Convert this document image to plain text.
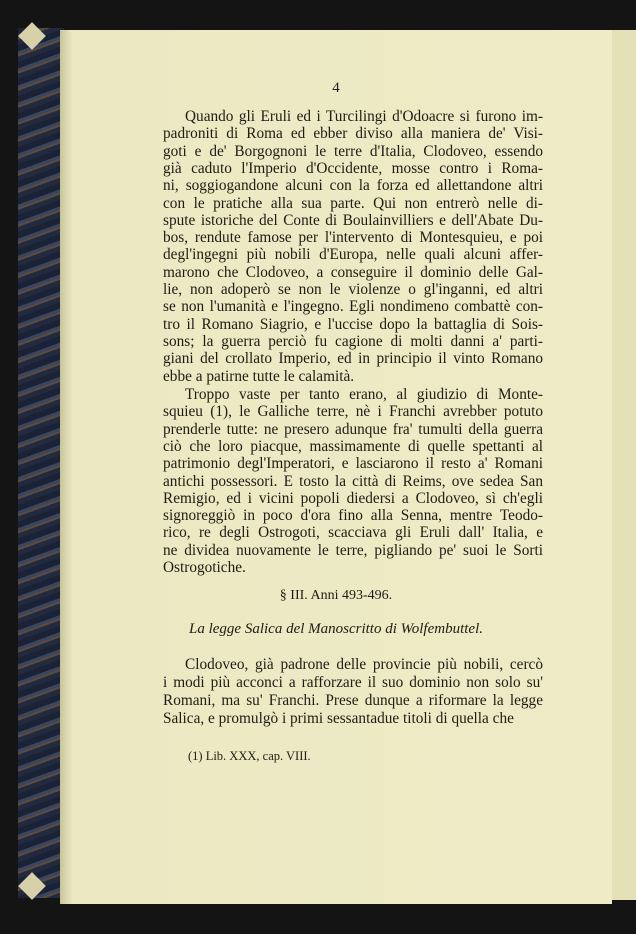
4
Quando gli Eruli ed i Turcilingi d'Odoacre si furono im-
padroniti di Roma ed ebber diviso alla maniera de' Visi-
goti e de' Borgognoni le terre d'Italia, Clodoveo, essendo
già caduto l'Imperio d'Occidente, mosse contro i Roma-
ni, soggiogandone alcuni con la forza ed allettandone altri
con le pratiche alla sua parte. Qui non entrerò nelle di-
spute istoriche del Conte di Boulainvilliers e dell'Abate Du-
bos, rendute famose per l'intervento di Montesquieu, e poi
degl'ingegni più nobili d'Europa, nelle quali alcuni affer-
marono che Clodoveo, a conseguire il dominio delle Gal-
lie, non adoperò se non le violenze o gl'inganni, ed altri
se non l'umanità e l'ingegno. Egli nondimeno combattè con-
tro il Romano Siagrio, e l'uccise dopo la battaglia di Sois-
sons; la guerra perciò fu cagione di molti danni a' parti-
giani del crollato Imperio, ed in principio il vinto Romano
ebbe a patirne tutte le calamità.
Troppo vaste per tanto erano, al giudizio di Monte-
squieu (1), le Galliche terre, nè i Franchi avrebber potuto
prenderle tutte: ne presero adunque fra' tumulti della guerra
ciò che loro piacque, massimamente di quelle spettanti al
patrimonio degl'Imperatori, e lasciarono il resto a' Romani
antichi possessori. E tosto la città di Reims, ove sedea San
Remigio, ed i vicini popoli diedersi a Clodoveo, sì ch'egli
signoreggiò in poco d'ora fino alla Senna, mentre Teodo-
rico, re degli Ostrogoti, scacciava gli Eruli dall' Italia, e
ne dividea nuovamente le terre, pigliando pe' suoi le Sorti
Ostrogotiche.
Clodoveo, già padrone delle provincie più nobili, cercò
i modi più acconci a rafforzare il suo dominio non solo su'
Romani, ma su' Franchi. Prese dunque a riformare la legge
Salica, e promulgò i primi sessantadue titoli di quella che
§ III. Anni 493-496.
La legge Salica del Manoscritto di Wolfembuttel.
(1) Lib. XXX, cap. VIII.
